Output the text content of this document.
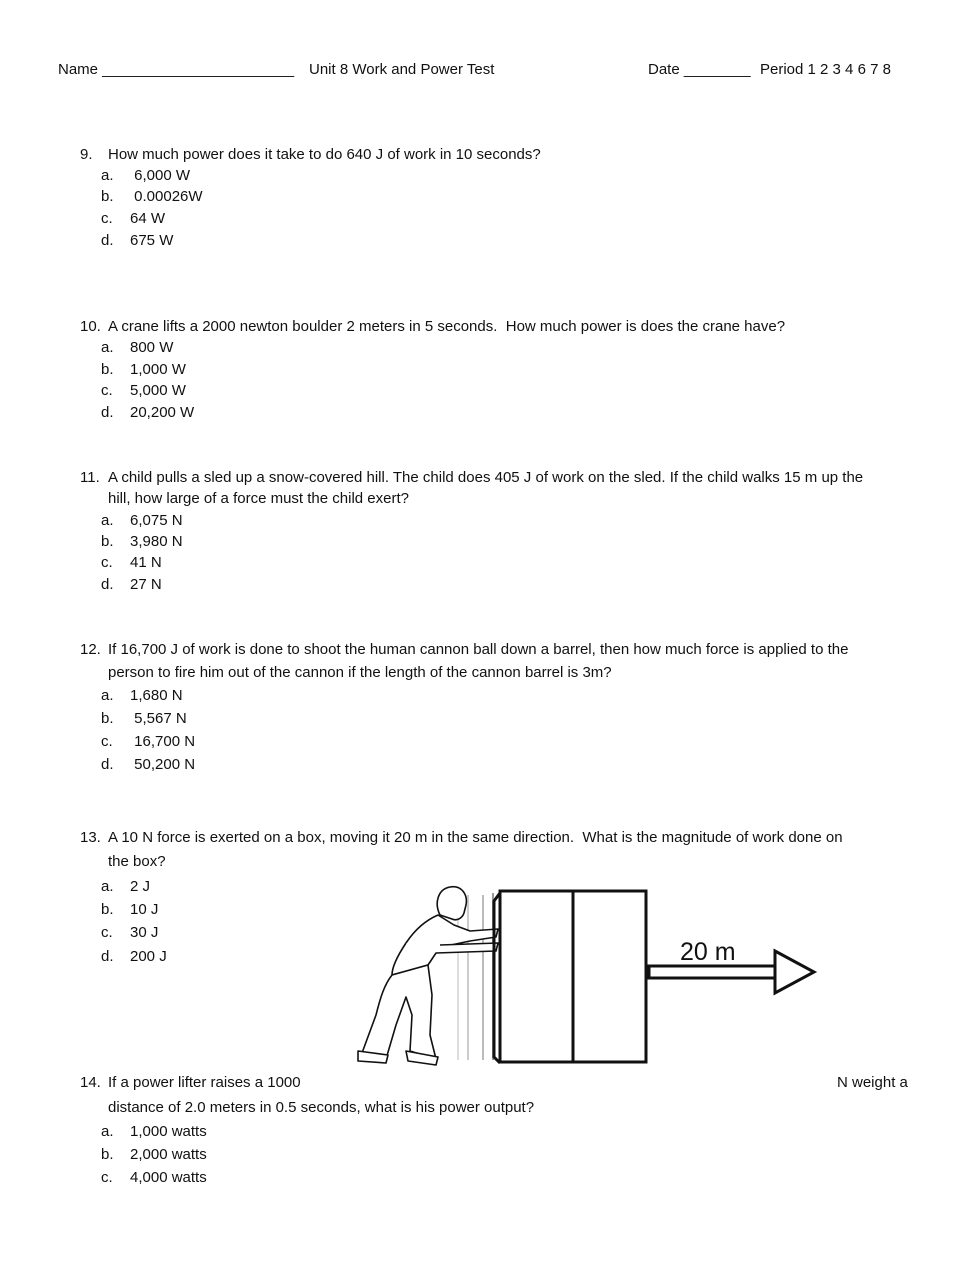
Name _______________________ Unit 8 Work and Power Test	Date ________ Period 1 2 3 4 6 7 8
9. How much power does it take to do 640 J of work in 10 seconds?
a. 6,000 W
b. 0.00026W
c. 64 W
d. 675 W
10. A crane lifts a 2000 newton boulder 2 meters in 5 seconds.  How much power is does the crane have?
a. 800 W
b. 1,000 W
c. 5,000 W
d. 20,200 W
11. A child pulls a sled up a snow-covered hill. The child does 405 J of work on the sled. If the child walks 15 m up the
hill, how large of a force must the child exert?
a. 6,075 N
b. 3,980 N
c. 41 N
d. 27 N
12. If 16,700 J of work is done to shoot the human cannon ball down a barrel, then how much force is applied to the
person to fire him out of the cannon if the length of the cannon barrel is 3m?
a. 1,680 N
b. 5,567 N
c. 16,700 N
d. 50,200 N
13. A 10 N force is exerted on a box, moving it 20 m in the same direction.  What is the magnitude of work done on
the box?
a. 2 J
b. 10 J
c. 30 J
d. 200 J
14. If a power lifter raises a 1000
distance of 2.0 meters in 0.5 seconds, what is his power output?
N weight a
a. 1,000 watts
b. 2,000 watts
c. 4,000 watts
20 m
